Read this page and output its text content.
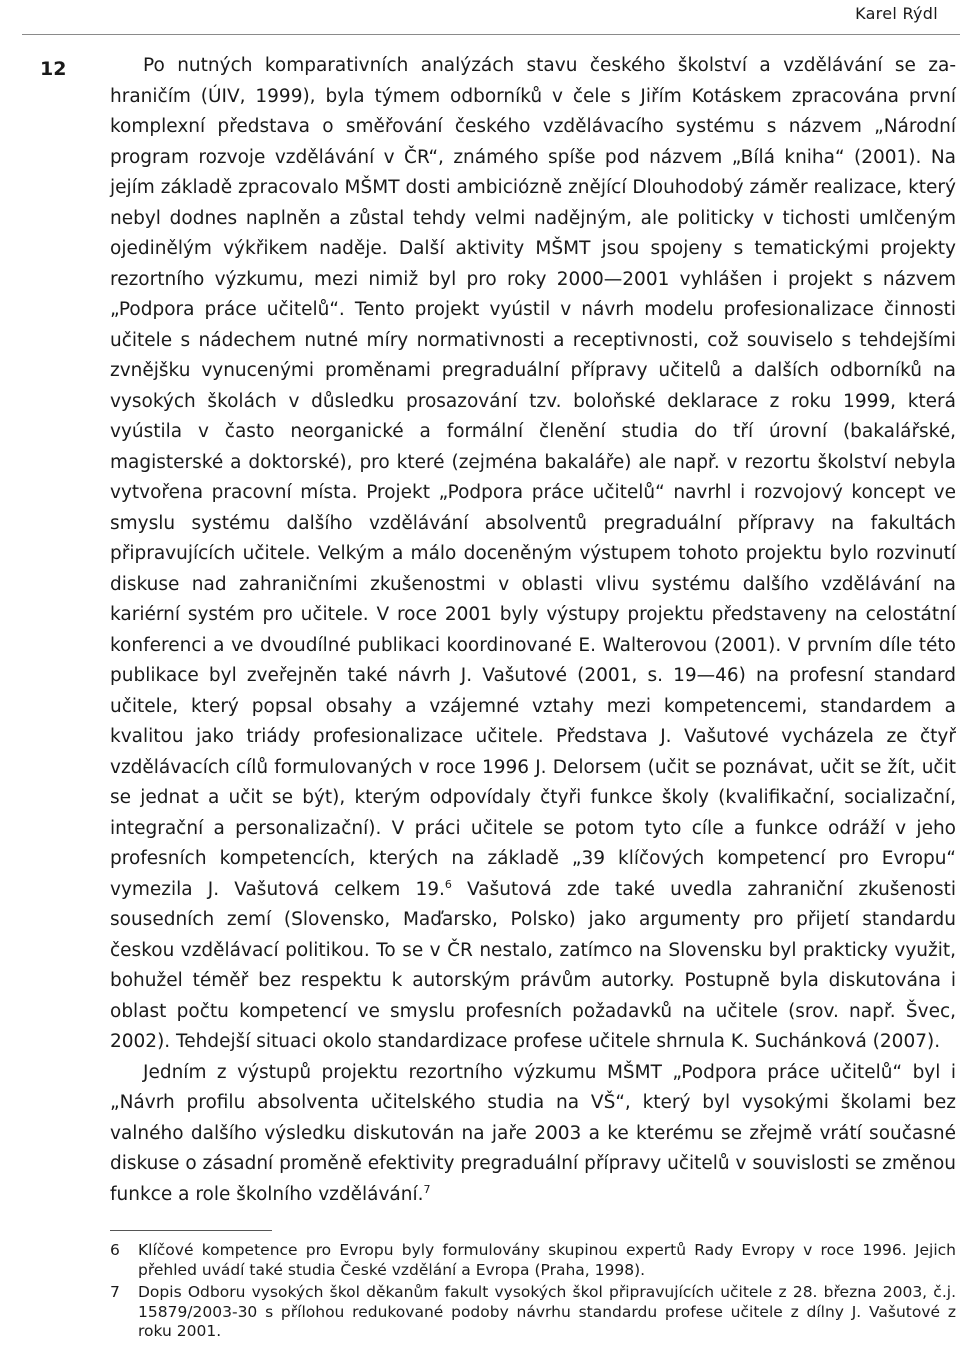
Karel Rýdl
12	Po nutných komparativních analýzách stavu českého školství a vzdělávání se zahraničím (ÚIV, 1999), byla týmem odborníků v čele s Jiřím Kotáskem zpracována první komplexní představa o směřování českého vzdělávacího systému s názvem „Národní program rozvoje vzdělávání v ČR“, známého spíše pod názvem „Bílá kniha“ (2001). Na jejím základě zpracovalo MŠMT dosti ambiciózně znějící Dlouhodobý záměr realizace, který nebyl dodnes naplněn a zůstal tehdy velmi nadějným, ale politicky v tichosti umlčeným ojedinělým výkřikem naděje. Další aktivity MŠMT jsou spojeny s tematickými projekty rezortního výzkumu, mezi nimiž byl pro roky 2000—2001 vyhlášen i projekt s názvem „Podpora práce učitelů“. Tento projekt vyústil v návrh modelu profesionalizace činnosti učitele s nádechem nutné míry normativnosti a receptivnosti, což souviselo s tehdejšími zvnějšku vynucenými proměnami pregraduální přípravy učitelů a dalších odborníků na vysokých školách v důsledku prosazování tzv. boloňské deklarace z roku 1999, která vyústila v často neorganické a formální členění studia do tří úrovní (bakalářské, magisterské a doktorské), pro které (zejména bakaláře) ale např. v rezortu školství nebyla vytvořena pracovní místa. Projekt „Podpora práce učitelů“ navrhl i rozvojový koncept ve smyslu systému dalšího vzdělávání absolventů pregraduální přípravy na fakultách připravujících učitele. Velkým a málo doceněným výstupem tohoto projektu bylo rozvinutí diskuse nad zahraničními zkušenostmi v oblasti vlivu systému dalšího vzdělávání na kariérní systém pro učitele. V roce 2001 byly výstupy projektu představeny na celostátní konferenci a ve dvoudílné publikaci koordinované E. Walterovou (2001). V prvním díle této publikace byl zveřejněn také návrh J. Vašutové (2001, s. 19—46) na profesní standard učitele, který popsal obsahy a vzájemné vztahy mezi kompetencemi, standardem a kvalitou jako triády profesionalizace učitele. Představa J. Vašutové vycházela ze čtyř vzdělávacích cílů formulovaných v roce 1996 J. Delorsem (učit se poznávat, učit se žít, učit se jednat a učit se být), kterým odpovídaly čtyři funkce školy (kvalifikační, socializační, integrační a personalizační). V práci učitele se potom tyto cíle a funkce odráží v jeho profesních kompetencích, kterých na základě „39 klíčových kompetencí pro Evropu“ vymezila J. Vašutová celkem 19.$^6$ Vašutová zde také uvedla zahraniční zkušenosti sousedních zemí (Slovensko, Maďarsko, Polsko) jako argumenty pro přijetí standardu českou vzdělávací politikou. To se v ČR nestalo, zatímco na Slovensku byl prakticky využit, bohužel téměř bez respektu k autorským právům autorky. Postupně byla diskutována i oblast počtu kompetencí ve smyslu profesních požadavků na učitele (srov. např. Švec, 2002). Tehdejší situaci okolo standardizace profese učitele shrnula K. Suchánková (2007).

Jedním z výstupů projektu rezortního výzkumu MŠMT „Podpora práce učitelů“ byl i „Návrh profilu absolventa učitelského studia na VŠ“, který byl vysokými školami bez valného dalšího výsledku diskutován na jaře 2003 a ke kterému se zřejmě vrátí současné diskuse o zásadní proměně efektivity pregraduální přípravy učitelů v souvislosti se změnou funkce a role školního vzdělávání.$^7$

6 Klíčové kompetence pro Evropu byly formulovány skupinou expertů Rady Evropy v roce 1996. Jejich přehled uvádí také studia České vzdělání a Evropa (Praha, 1998).
7 Dopis Odboru vysokých škol děkanům fakult vysokých škol připravujících učitele z 28. března 2003, č.j. 15879/2003-30 s přílohou redukované podoby návrhu standardu profese učitele z dílny J. Vašutové z roku 2001.
